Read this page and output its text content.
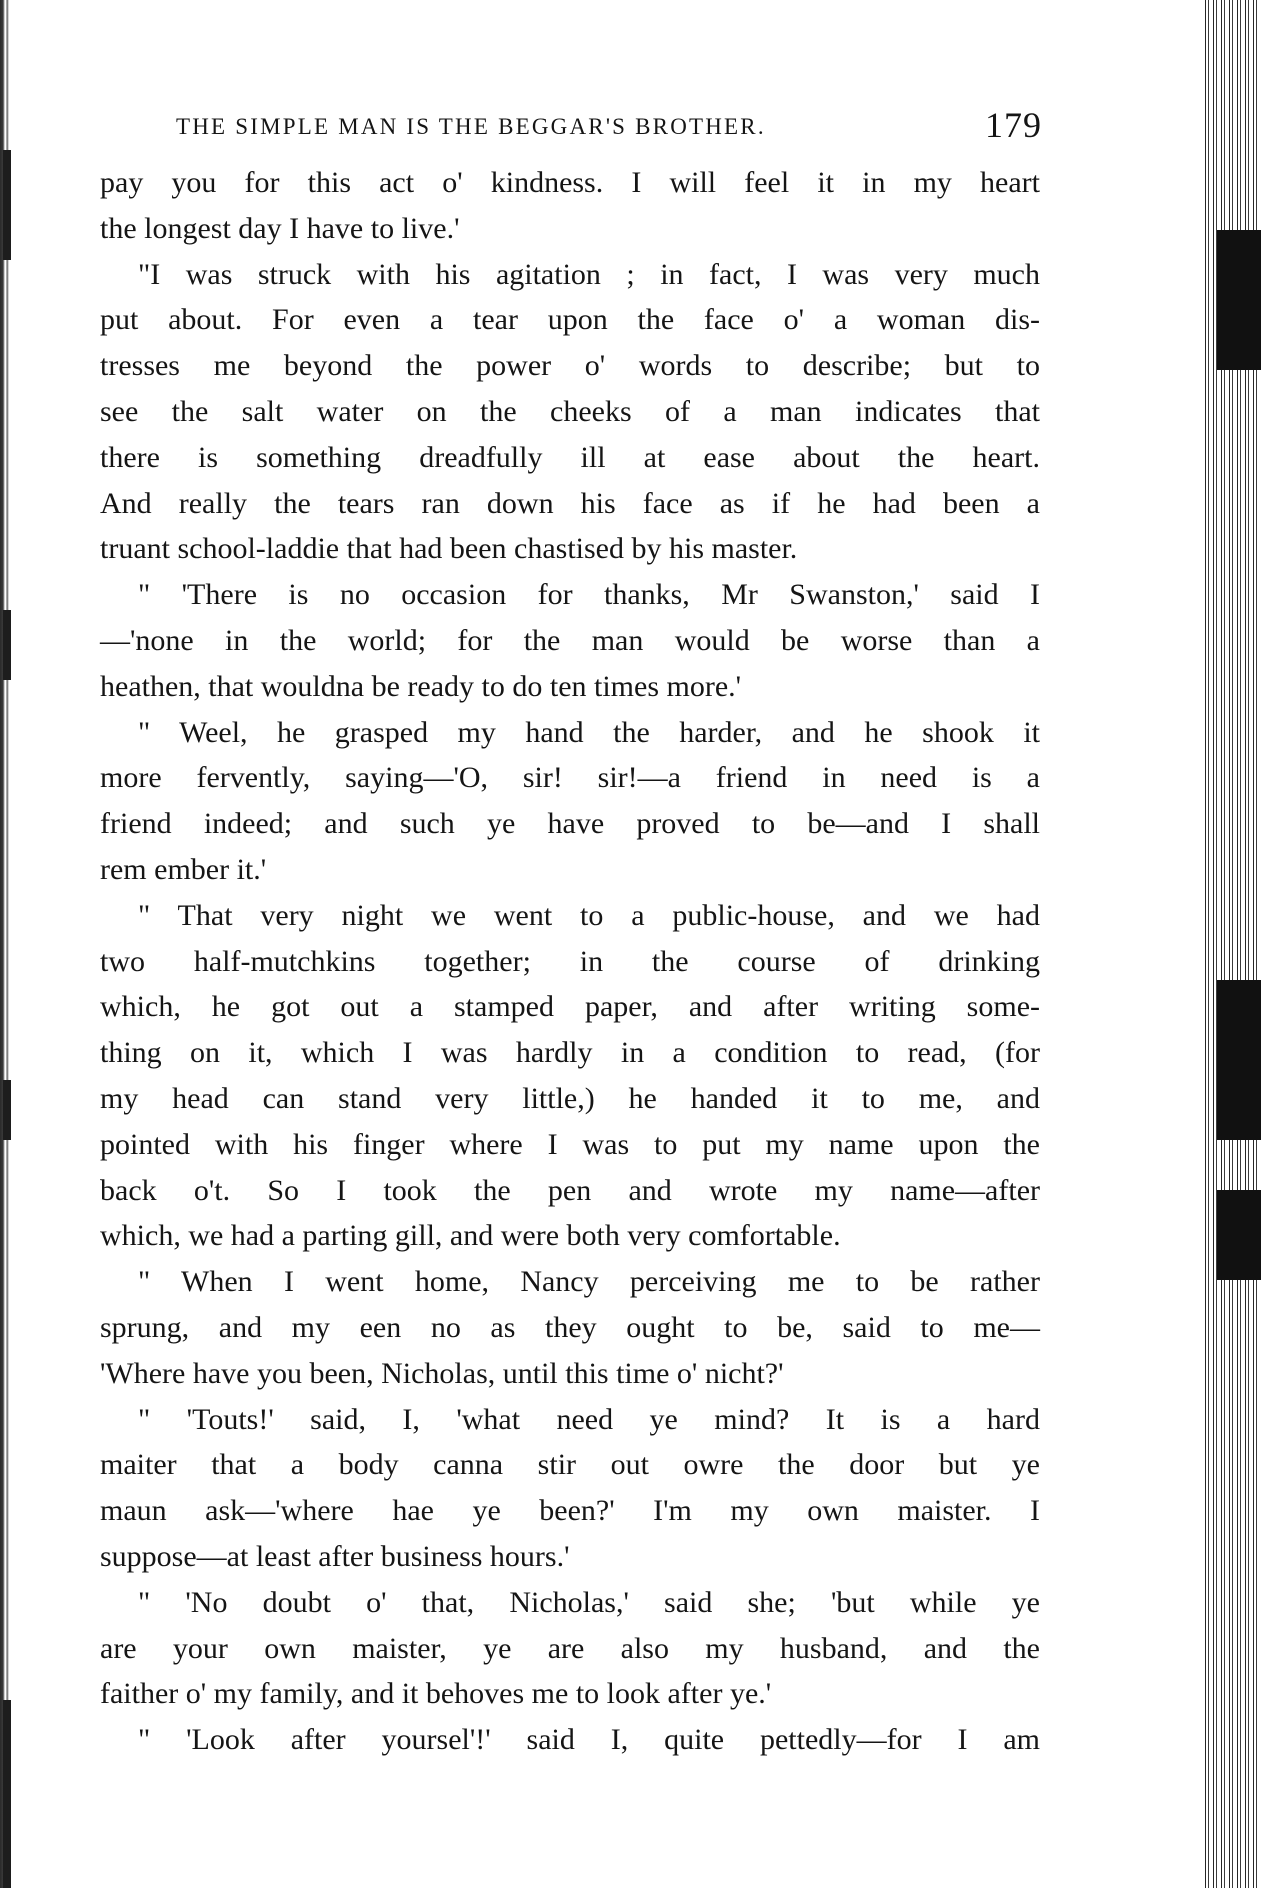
THE SIMPLE MAN IS THE BEGGAR'S BROTHER.	179
pay you for this act o' kindness. I will feel it in my heart
the longest day I have to live.'
"I was struck with his agitation ; in fact, I was very much
put about. For even a tear upon the face o' a woman dis-
tresses me beyond the power o' words to describe; but to
see the salt water on the cheeks of a man indicates that
there is something dreadfully ill at ease about the heart.
And really the tears ran down his face as if he had been a
truant school-laddie that had been chastised by his master.
" 'There is no occasion for thanks, Mr Swanston,' said I
—'none in the world; for the man would be worse than a
heathen, that wouldna be ready to do ten times more.'
" Weel, he grasped my hand the harder, and he shook it
more fervently, saying—'O, sir! sir!—a friend in need is a
friend indeed; and such ye have proved to be—and I shall
rem ember it.'
" That very night we went to a public-house, and we had
two half-mutchkins together; in the course of drinking
which, he got out a stamped paper, and after writing some-
thing on it, which I was hardly in a condition to read, (for
my head can stand very little,) he handed it to me, and
pointed with his finger where I was to put my name upon the
back o't. So I took the pen and wrote my name—after
which, we had a parting gill, and were both very comfortable.
" When I went home, Nancy perceiving me to be rather
sprung, and my een no as they ought to be, said to me—
'Where have you been, Nicholas, until this time o' nicht?'
" 'Touts!' said, I, 'what need ye mind? It is a hard
maiter that a body canna stir out owre the door but ye
maun ask—'where hae ye been?' I'm my own maister. I
suppose—at least after business hours.'
" 'No doubt o' that, Nicholas,' said she; 'but while ye
are your own maister, ye are also my husband, and the
faither o' my family, and it behoves me to look after ye.'
" 'Look after yoursel'!' said I, quite pettedly—for I am
